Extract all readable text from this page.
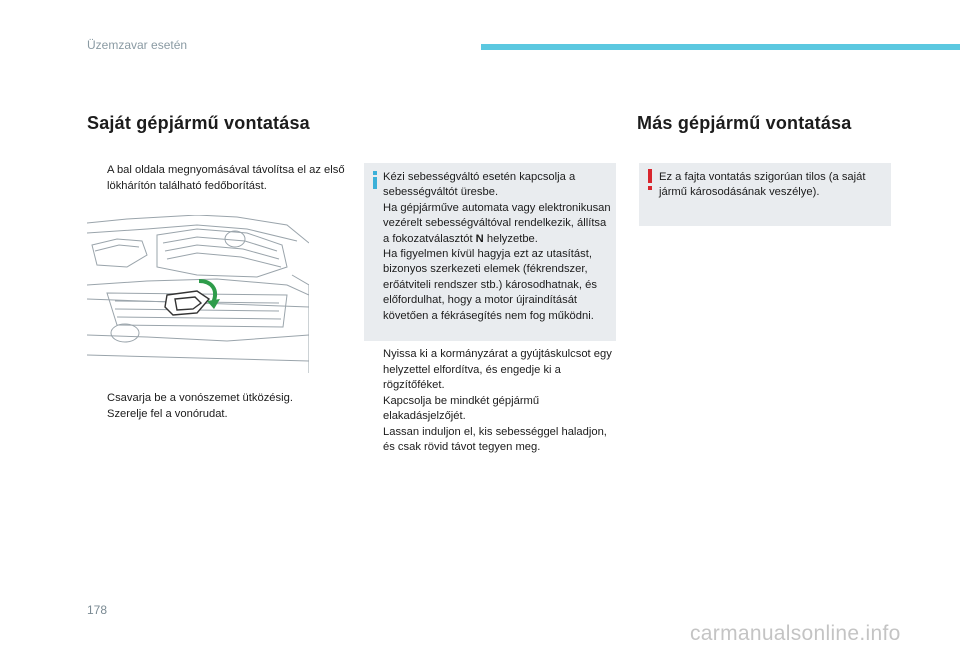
Üzemzavar esetén
Saját gépjármű vontatása	Más gépjármű vontatása
A bal oldala megnyomásával távolítsa el az első lökhárítón található fedőborítást.
Csavarja be a vonószemet ütközésig.
Szerelje fel a vonórudat.
Kézi sebességváltó esetén kapcsolja a sebességváltót üresbe.
Ha gépjárműve automata vagy elektronikusan vezérelt sebességváltóval rendelkezik, állítsa a fokozatválasztót N helyzetbe.
Ha figyelmen kívül hagyja ezt az utasítást, bizonyos szerkezeti elemek (fékrendszer, erőátviteli rendszer stb.) károsodhatnak, és előfordulhat, hogy a motor újraindítását követően a fékrásegítés nem fog működni.
Nyissa ki a kormányzárat a gyújtáskulcsot egy helyzettel elfordítva, és engedje ki a rögzítőféket.
Kapcsolja be mindkét gépjármű elakadásjelzőjét.
Lassan induljon el, kis sebességgel haladjon, és csak rövid távot tegyen meg.
Ez a fajta vontatás szigorúan tilos (a saját jármű károsodásának veszélye).
178
carmanualsonline.info
